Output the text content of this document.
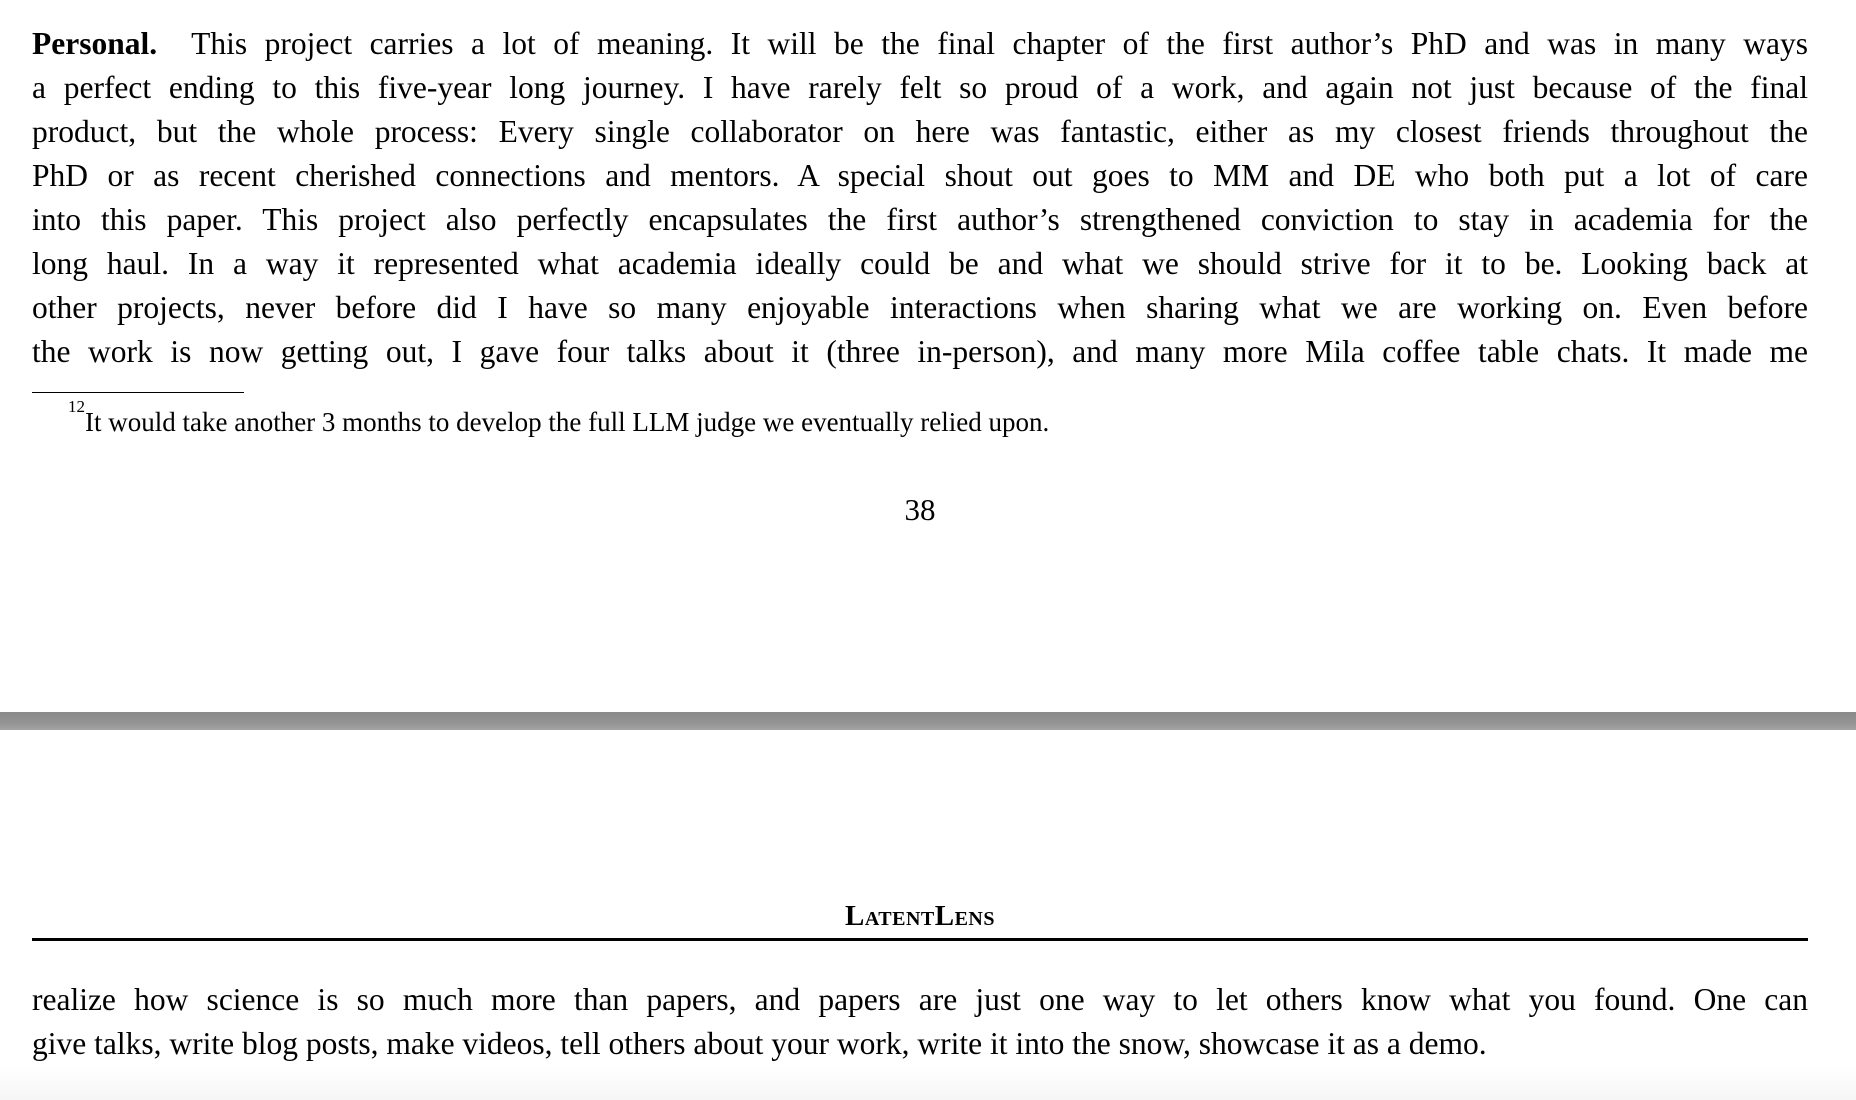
Personal. This project carries a lot of meaning. It will be the final chapter of the first author’s PhD and was in many ways
a perfect ending to this five-year long journey. I have rarely felt so proud of a work, and again not just because of the final
product, but the whole process: Every single collaborator on here was fantastic, either as my closest friends throughout the
PhD or as recent cherished connections and mentors. A special shout out goes to MM and DE who both put a lot of care
into this paper. This project also perfectly encapsulates the first author’s strengthened conviction to stay in academia for the
long haul. In a way it represented what academia ideally could be and what we should strive for it to be. Looking back at
other projects, never before did I have so many enjoyable interactions when sharing what we are working on. Even before
the work is now getting out, I gave four talks about it (three in-person), and many more Mila coffee table chats. It made me
$^{12}$It would take another 3 months to develop the full LLM judge we eventually relied upon.
38
LatentLens
realize how science is so much more than papers, and papers are just one way to let others know what you found. One can
give talks, write blog posts, make videos, tell others about your work, write it into the snow, showcase it as a demo.
